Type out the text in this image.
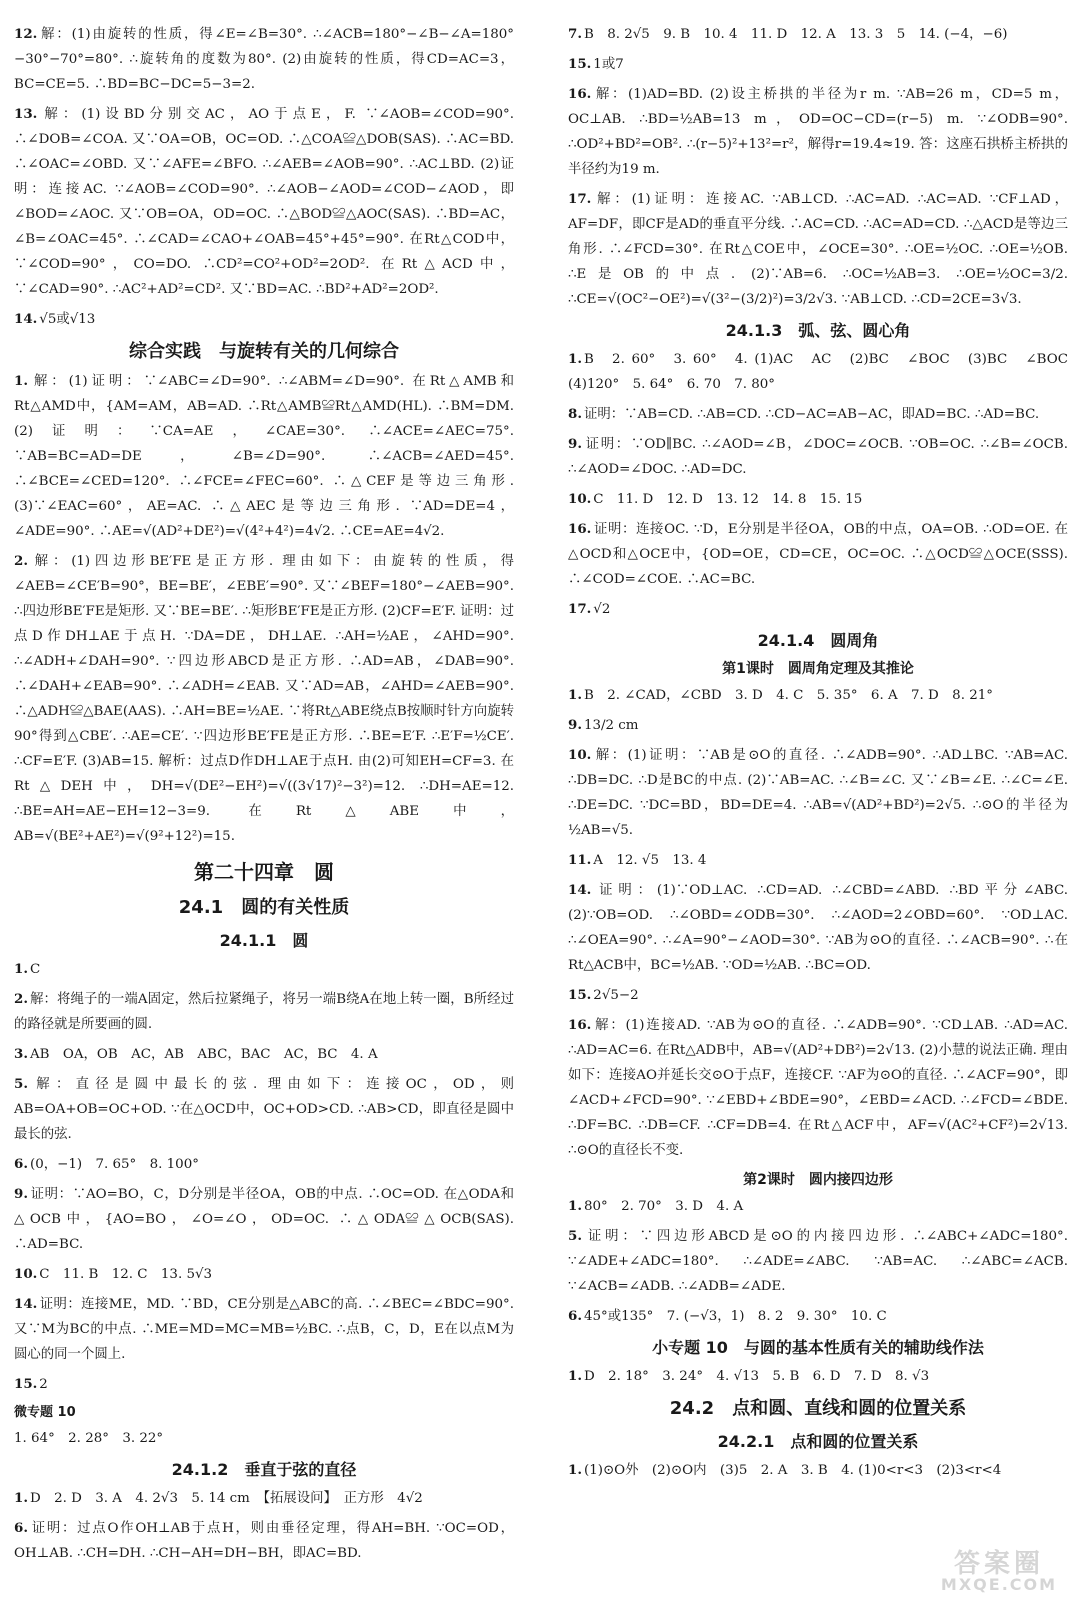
12. 解：(1)由旋转的性质，得∠E=∠B=30°. ∴∠ACB=180°−∠B−∠A=180°−30°−70°=80°. ∴旋转角的度数为80°. (2)由旋转的性质，得CD=AC=3，BC=CE=5. ∴BD=BC−DC=5−3=2.
13. 解：(1)设BD分别交AC，AO于点E，F. ∵∠AOB=∠COD=90°. ∴∠DOB=∠COA. 又∵OA=OB，OC=OD. ∴△COA≌△DOB(SAS). ∴AC=BD. ∴∠OAC=∠OBD. 又∵∠AFE=∠BFO. ∴∠AEB=∠AOB=90°. ∴AC⊥BD. (2)证明：连接AC. ∵∠AOB=∠COD=90°. ∴∠AOB−∠AOD=∠COD−∠AOD，即∠BOD=∠AOC. 又∵OB=OA，OD=OC. ∴△BOD≌△AOC(SAS). ∴BD=AC，∠B=∠OAC=45°. ∴∠CAD=∠CAO+∠OAB=45°+45°=90°. 在Rt△COD中，∵∠COD=90°，CO=DO. ∴CD²=CO²+OD²=2OD². 在Rt△ACD中，∵∠CAD=90°. ∴AC²+AD²=CD². 又∵BD=AC. ∴BD²+AD²=2OD².
14. √5或√13
综合实践　与旋转有关的几何综合
1. 解：(1)证明：∵∠ABC=∠D=90°. ∴∠ABM=∠D=90°. 在Rt△AMB和Rt△AMD中，{AM=AM，AB=AD. ∴Rt△AMB≌Rt△AMD(HL). ∴BM=DM. (2)证明：∵CA=AE，∠CAE=30°. ∴∠ACE=∠AEC=75°. ∵AB=BC=AD=DE，∠B=∠D=90°. ∴∠ACB=∠AED=45°. ∴∠BCE=∠CED=120°. ∴∠FCE=∠FEC=60°. ∴△CEF是等边三角形. (3)∵∠EAC=60°，AE=AC. ∴△AEC是等边三角形. ∵AD=DE=4，∠ADE=90°. ∴AE=√(AD²+DE²)=√(4²+4²)=4√2. ∴CE=AE=4√2.
2. 解：(1)四边形BE′FE是正方形. 理由如下：由旋转的性质，得∠AEB=∠CE′B=90°，BE=BE′，∠EBE′=90°. 又∵∠BEF=180°−∠AEB=90°. ∴四边形BE′FE是矩形. 又∵BE=BE′. ∴矩形BE′FE是正方形. (2)CF=E′F. 证明：过点D作DH⊥AE于点H. ∵DA=DE，DH⊥AE. ∴AH=½AE，∠AHD=90°. ∴∠ADH+∠DAH=90°. ∵四边形ABCD是正方形. ∴AD=AB，∠DAB=90°. ∴∠DAH+∠EAB=90°. ∴∠ADH=∠EAB. 又∵AD=AB，∠AHD=∠AEB=90°. ∴△ADH≌△BAE(AAS). ∴AH=BE=½AE. ∵将Rt△ABE绕点B按顺时针方向旋转90°得到△CBE′. ∴AE=CE′. ∵四边形BE′FE是正方形. ∴BE=E′F. ∴E′F=½CE′. ∴CF=E′F. (3)AB=15. 解析：过点D作DH⊥AE于点H. 由(2)可知EH=CF=3. 在Rt△DEH中，DH=√(DE²−EH²)=√((3√17)²−3²)=12. ∴DH=AE=12. ∴BE=AH=AE−EH=12−3=9. 在Rt△ABE中，AB=√(BE²+AE²)=√(9²+12²)=15.
第二十四章　圆
24.1　圆的有关性质
24.1.1　圆
1. C
2. 解：将绳子的一端A固定，然后拉紧绳子，将另一端B绕A在地上转一圈，B所经过的路径就是所要画的圆.
3. AB　OA，OB　AC，AB　ABC，BAC　AC，BC　4. A
5. 解：直径是圆中最长的弦. 理由如下：连接OC，OD，则AB=OA+OB=OC+OD. ∵在△OCD中，OC+OD>CD. ∴AB>CD，即直径是圆中最长的弦.
6. (0，−1)　7. 65°　8. 100°
9. 证明：∵AO=BO，C，D分别是半径OA，OB的中点. ∴OC=OD. 在△ODA和△OCB中，{AO=BO，∠O=∠O，OD=OC. ∴△ODA≌△OCB(SAS). ∴AD=BC.
10. C　11. B　12. C　13. 5√3
14. 证明：连接ME，MD. ∵BD，CE分别是△ABC的高. ∴∠BEC=∠BDC=90°. 又∵M为BC的中点. ∴ME=MD=MC=MB=½BC. ∴点B，C，D，E在以点M为圆心的同一个圆上.
15. 2
微专题 10
1. 64°　2. 28°　3. 22°
24.1.2　垂直于弦的直径
1. D　2. D　3. A　4. 2√3　5. 14 cm　【拓展设问】　正方形　4√2
6. 证明：过点O作OH⊥AB于点H，则由垂径定理，得AH=BH. ∵OC=OD，OH⊥AB. ∴CH=DH. ∴CH−AH=DH−BH，即AC=BD.
7. B　8. 2√5　9. B　10. 4　11. D　12. A　13. 3　5　14. (−4，−6)
15. 1或7
16. 解：(1)AD=BD. (2)设主桥拱的半径为r m. ∵AB=26 m，CD=5 m，OC⊥AB. ∴BD=½AB=13 m，OD=OC−CD=(r−5) m. ∵∠ODB=90°. ∴OD²+BD²=OB². ∴(r−5)²+13²=r²，解得r=19.4≈19. 答：这座石拱桥主桥拱的半径约为19 m.
17. 解：(1)证明：连接AC. ∵AB⊥CD. ∴AC=AD. ∴AC=AD. ∵CF⊥AD，AF=DF，即CF是AD的垂直平分线. ∴AC=CD. ∴AC=AD=CD. ∴△ACD是等边三角形. ∴∠FCD=30°. 在Rt△COE中，∠OCE=30°. ∴OE=½OC. ∴OE=½OB. ∴E是OB的中点. (2)∵AB=6. ∴OC=½AB=3. ∴OE=½OC=3/2. ∴CE=√(OC²−OE²)=√(3²−(3/2)²)=3/2√3. ∵AB⊥CD. ∴CD=2CE=3√3.
24.1.3　弧、弦、圆心角
1. B　2. 60°　3. 60°　4. (1)AC　AC　(2)BC　∠BOC　(3)BC　∠BOC　(4)120°　5. 64°　6. 70　7. 80°
8. 证明：∵AB=CD. ∴AB=CD. ∴CD−AC=AB−AC，即AD=BC. ∴AD=BC.
9. 证明：∵OD∥BC. ∴∠AOD=∠B，∠DOC=∠OCB. ∵OB=OC. ∴∠B=∠OCB. ∴∠AOD=∠DOC. ∴AD=DC.
10. C　11. D　12. D　13. 12　14. 8　15. 15
16. 证明：连接OC. ∵D，E分别是半径OA，OB的中点，OA=OB. ∴OD=OE. 在△OCD和△OCE中，{OD=OE，CD=CE，OC=OC. ∴△OCD≌△OCE(SSS). ∴∠COD=∠COE. ∴AC=BC.
17. √2
24.1.4　圆周角
第1课时　圆周角定理及其推论
1. B　2. ∠CAD，∠CBD　3. D　4. C　5. 35°　6. A　7. D　8. 21°
9. 13/2 cm
10. 解：(1)证明：∵AB是⊙O的直径. ∴∠ADB=90°. ∴AD⊥BC. ∵AB=AC. ∴DB=DC. ∴D是BC的中点. (2)∵AB=AC. ∴∠B=∠C. 又∵∠B=∠E. ∴∠C=∠E. ∴DE=DC. ∵DC=BD，BD=DE=4. ∴AB=√(AD²+BD²)=2√5. ∴⊙O的半径为½AB=√5.
11. A　12. √5　13. 4
14. 证明：(1)∵OD⊥AC. ∴CD=AD. ∴∠CBD=∠ABD. ∴BD平分∠ABC. (2)∵OB=OD. ∴∠OBD=∠ODB=30°. ∴∠AOD=2∠OBD=60°. ∵OD⊥AC. ∴∠OEA=90°. ∴∠A=90°−∠AOD=30°. ∵AB为⊙O的直径. ∴∠ACB=90°. ∴在Rt△ACB中，BC=½AB. ∵OD=½AB. ∴BC=OD.
15. 2√5−2
16. 解：(1)连接AD. ∵AB为⊙O的直径. ∴∠ADB=90°. ∵CD⊥AB. ∴AD=AC. ∴AD=AC=6. 在Rt△ADB中，AB=√(AD²+DB²)=2√13. (2)小慧的说法正确. 理由如下：连接AO并延长交⊙O于点F，连接CF. ∵AF为⊙O的直径. ∴∠ACF=90°，即∠ACD+∠FCD=90°. ∵∠EBD+∠BDE=90°，∠EBD=∠ACD. ∴∠FCD=∠BDE. ∴DF=BC. ∴DB=CF. ∴CF=DB=4. 在Rt△ACF中，AF=√(AC²+CF²)=2√13. ∴⊙O的直径长不变.
第2课时　圆内接四边形
1. 80°　2. 70°　3. D　4. A
5. 证明：∵四边形ABCD是⊙O的内接四边形. ∴∠ABC+∠ADC=180°. ∵∠ADE+∠ADC=180°. ∴∠ADE=∠ABC. ∵AB=AC. ∴∠ABC=∠ACB. ∵∠ACB=∠ADB. ∴∠ADB=∠ADE.
6. 45°或135°　7. (−√3，1)　8. 2　9. 30°　10. C
小专题 10　与圆的基本性质有关的辅助线作法
1. D　2. 18°　3. 24°　4. √13　5. B　6. D　7. D　8. √3
24.2　点和圆、直线和圆的位置关系
24.2.1　点和圆的位置关系
1. (1)⊙O外　(2)⊙O内　(3)5　2. A　3. B　4. (1)0<r<3　(2)3<r<4
答案圈
MXQE.COM
